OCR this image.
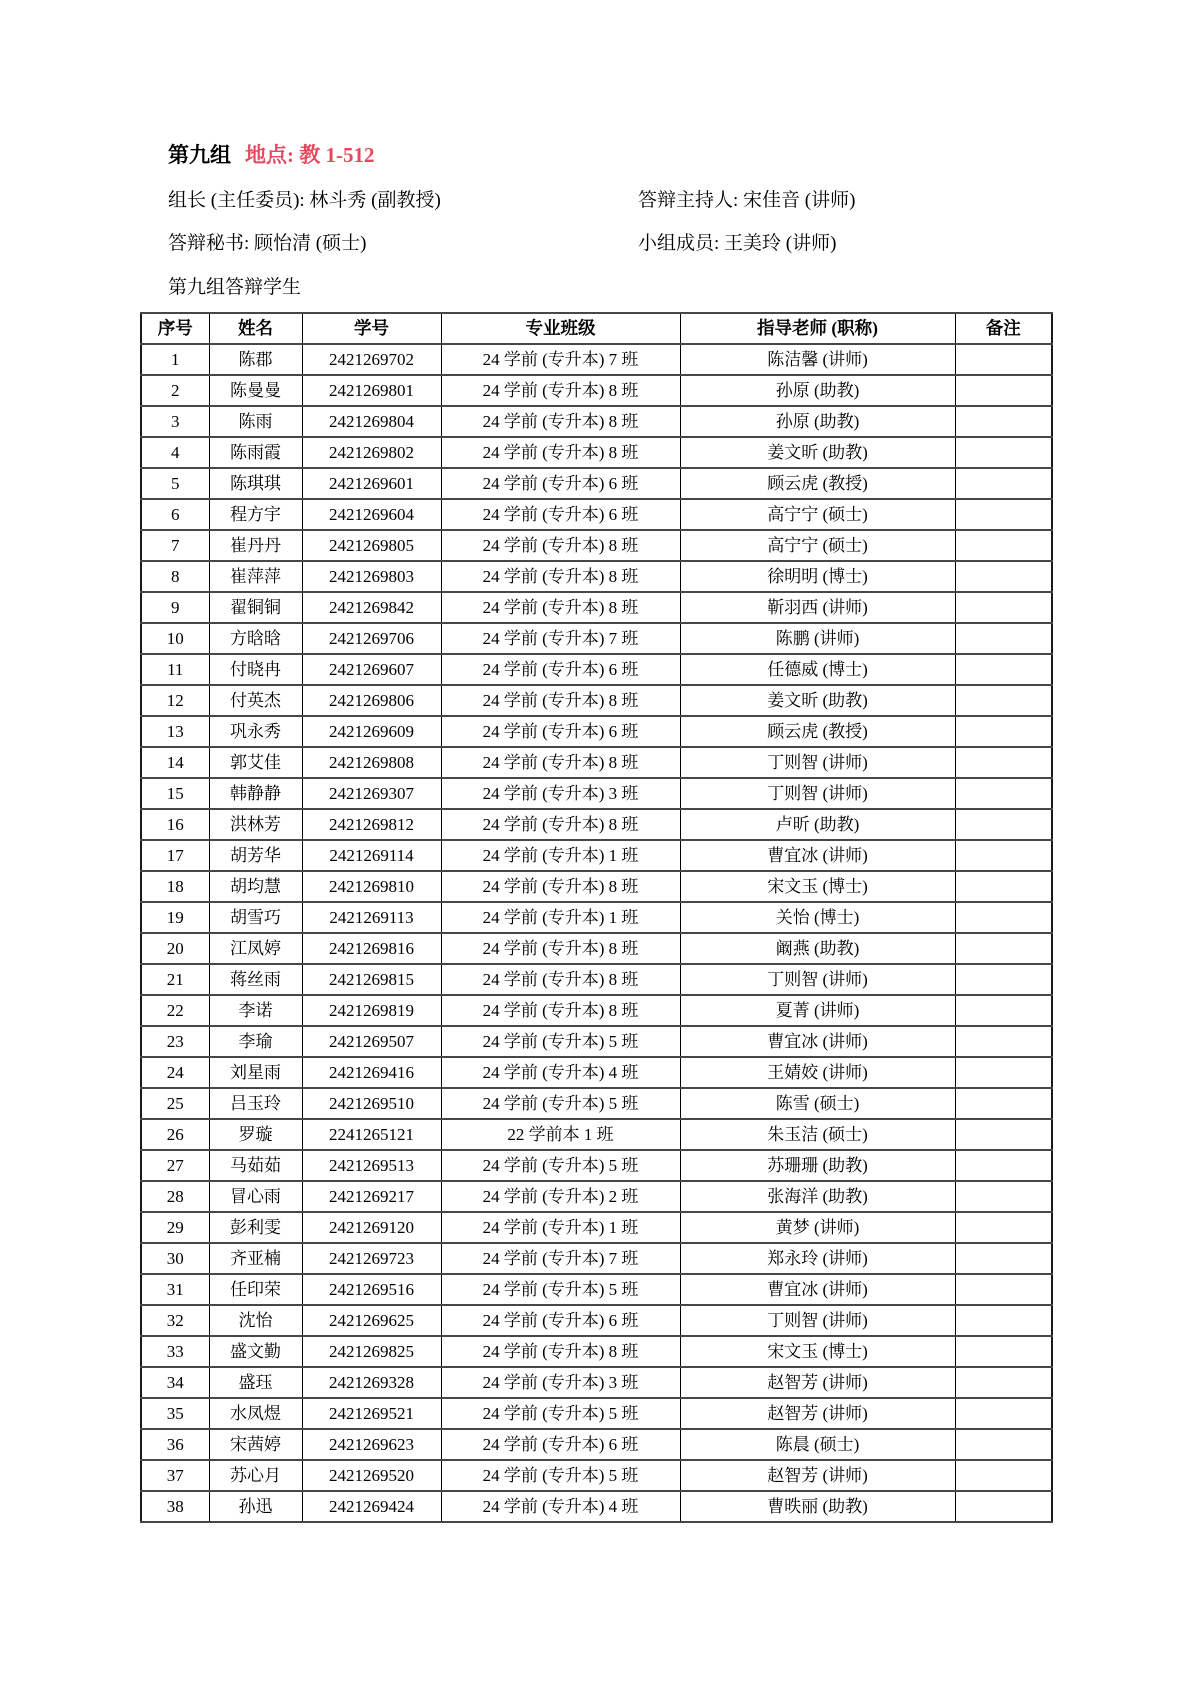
第九组 地点: 教 1-512
组长 (主任委员): 林斗秀 (副教授)	答辩主持人: 宋佳音 (讲师)
答辩秘书: 顾怡清 (硕士)	小组成员: 王美玲 (讲师)
第九组答辩学生
序号	姓名	学号	专业班级	指导老师 (职称)	备注
1	陈郡	2421269702	24 学前 (专升本) 7 班	陈洁馨 (讲师)	
2	陈曼曼	2421269801	24 学前 (专升本) 8 班	孙原 (助教)	
3	陈雨	2421269804	24 学前 (专升本) 8 班	孙原 (助教)	
4	陈雨霞	2421269802	24 学前 (专升本) 8 班	姜文昕 (助教)	
5	陈琪琪	2421269601	24 学前 (专升本) 6 班	顾云虎 (教授)	
6	程方宇	2421269604	24 学前 (专升本) 6 班	高宁宁 (硕士)	
7	崔丹丹	2421269805	24 学前 (专升本) 8 班	高宁宁 (硕士)	
8	崔萍萍	2421269803	24 学前 (专升本) 8 班	徐明明 (博士)	
9	翟铜铜	2421269842	24 学前 (专升本) 8 班	靳羽西 (讲师)	
10	方晗晗	2421269706	24 学前 (专升本) 7 班	陈鹏 (讲师)	
11	付晓冉	2421269607	24 学前 (专升本) 6 班	任德威 (博士)	
12	付英杰	2421269806	24 学前 (专升本) 8 班	姜文昕 (助教)	
13	巩永秀	2421269609	24 学前 (专升本) 6 班	顾云虎 (教授)	
14	郭艾佳	2421269808	24 学前 (专升本) 8 班	丁则智 (讲师)	
15	韩静静	2421269307	24 学前 (专升本) 3 班	丁则智 (讲师)	
16	洪林芳	2421269812	24 学前 (专升本) 8 班	卢昕 (助教)	
17	胡芳华	2421269114	24 学前 (专升本) 1 班	曹宜冰 (讲师)	
18	胡均慧	2421269810	24 学前 (专升本) 8 班	宋文玉 (博士)	
19	胡雪巧	2421269113	24 学前 (专升本) 1 班	关怡 (博士)	
20	江凤婷	2421269816	24 学前 (专升本) 8 班	阚燕 (助教)	
21	蒋丝雨	2421269815	24 学前 (专升本) 8 班	丁则智 (讲师)	
22	李诺	2421269819	24 学前 (专升本) 8 班	夏菁 (讲师)	
23	李瑜	2421269507	24 学前 (专升本) 5 班	曹宜冰 (讲师)	
24	刘星雨	2421269416	24 学前 (专升本) 4 班	王婧姣 (讲师)	
25	吕玉玲	2421269510	24 学前 (专升本) 5 班	陈雪 (硕士)	
26	罗璇	2241265121	22 学前本 1 班	朱玉洁 (硕士)	
27	马茹茹	2421269513	24 学前 (专升本) 5 班	苏珊珊 (助教)	
28	冒心雨	2421269217	24 学前 (专升本) 2 班	张海洋 (助教)	
29	彭利雯	2421269120	24 学前 (专升本) 1 班	黄梦 (讲师)	
30	齐亚楠	2421269723	24 学前 (专升本) 7 班	郑永玲 (讲师)	
31	任印荣	2421269516	24 学前 (专升本) 5 班	曹宜冰 (讲师)	
32	沈怡	2421269625	24 学前 (专升本) 6 班	丁则智 (讲师)	
33	盛文勤	2421269825	24 学前 (专升本) 8 班	宋文玉 (博士)	
34	盛珏	2421269328	24 学前 (专升本) 3 班	赵智芳 (讲师)	
35	水凤煜	2421269521	24 学前 (专升本) 5 班	赵智芳 (讲师)	
36	宋茜婷	2421269623	24 学前 (专升本) 6 班	陈晨 (硕士)	
37	苏心月	2421269520	24 学前 (专升本) 5 班	赵智芳 (讲师)	
38	孙迅	2421269424	24 学前 (专升本) 4 班	曹昳丽 (助教)	
